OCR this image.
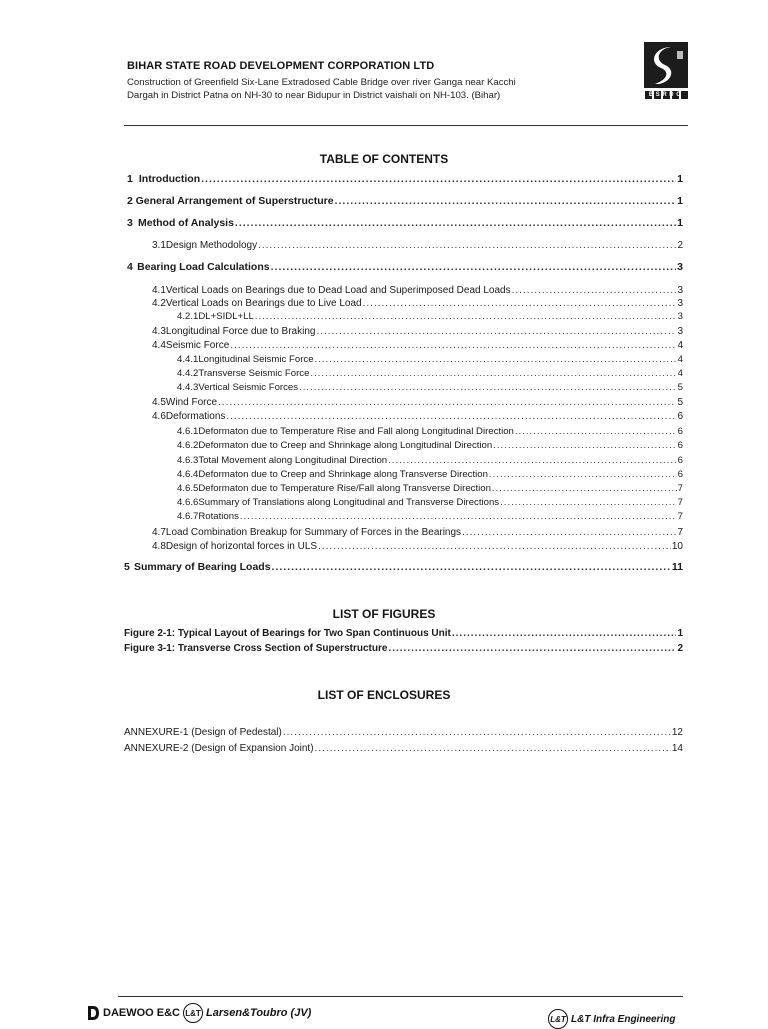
BIHAR STATE ROAD DEVELOPMENT CORPORATION LTD
Construction of Greenfield Six-Lane Extradosed Cable Bridge over river Ganga near Kacchi
Dargah in District Patna on NH-30 to near Bidupur in District vaishali on NH-103. (Bihar)	BSRDC
TABLE OF CONTENTS
1 Introduction .....	1
2 General Arrangement of Superstructure .....	1
3 Method of Analysis .....	1
3.1 Design Methodology .....	2
4 Bearing Load Calculations .....	3
4.1 Vertical Loads on Bearings due to Dead Load and Superimposed Dead Loads .....	3
4.2 Vertical Loads on Bearings due to Live Load .....	3
4.2.1 DL+SIDL+LL .....	3
4.3 Longitudinal Force due to Braking .....	3
4.4 Seismic Force .....	4
4.4.1 Longitudinal Seismic Force .....	4
4.4.2 Transverse Seismic Force .....	4
4.4.3 Vertical Seismic Forces .....	5
4.5 Wind Force .....	5
4.6 Deformations .....	6
4.6.1 Deformaton due to Temperature Rise and Fall along Longitudinal Direction .....	6
4.6.2 Deformaton due to Creep and Shrinkage along Longitudinal Direction .....	6
4.6.3 Total Movement along Longitudinal Direction .....	6
4.6.4 Deformaton due to Creep and Shrinkage along Transverse Direction .....	6
4.6.5 Deformaton due to Temperature Rise/Fall along Transverse Direction .....	7
4.6.6 Summary of Translations along Longitudinal and Transverse Directions .....	7
4.6.7 Rotations .....	7
4.7 Load Combination Breakup for Summary of Forces in the Bearings .....	7
4.8 Design of horizontal forces in ULS .....	10
5 Summary of Bearing Loads .....	11
LIST OF FIGURES
Figure 2-1: Typical Layout of Bearings for Two Span Continuous Unit .....	1
Figure 3-1: Transverse Cross Section of Superstructure .....	2
LIST OF ENCLOSURES
ANNEXURE-1 (Design of Pedestal) .....	12
ANNEXURE-2 (Design of Expansion Joint) .....	14
DAEWOO E&C L&T Larsen&Toubro (JV)	L&T L&T Infra Engineering
